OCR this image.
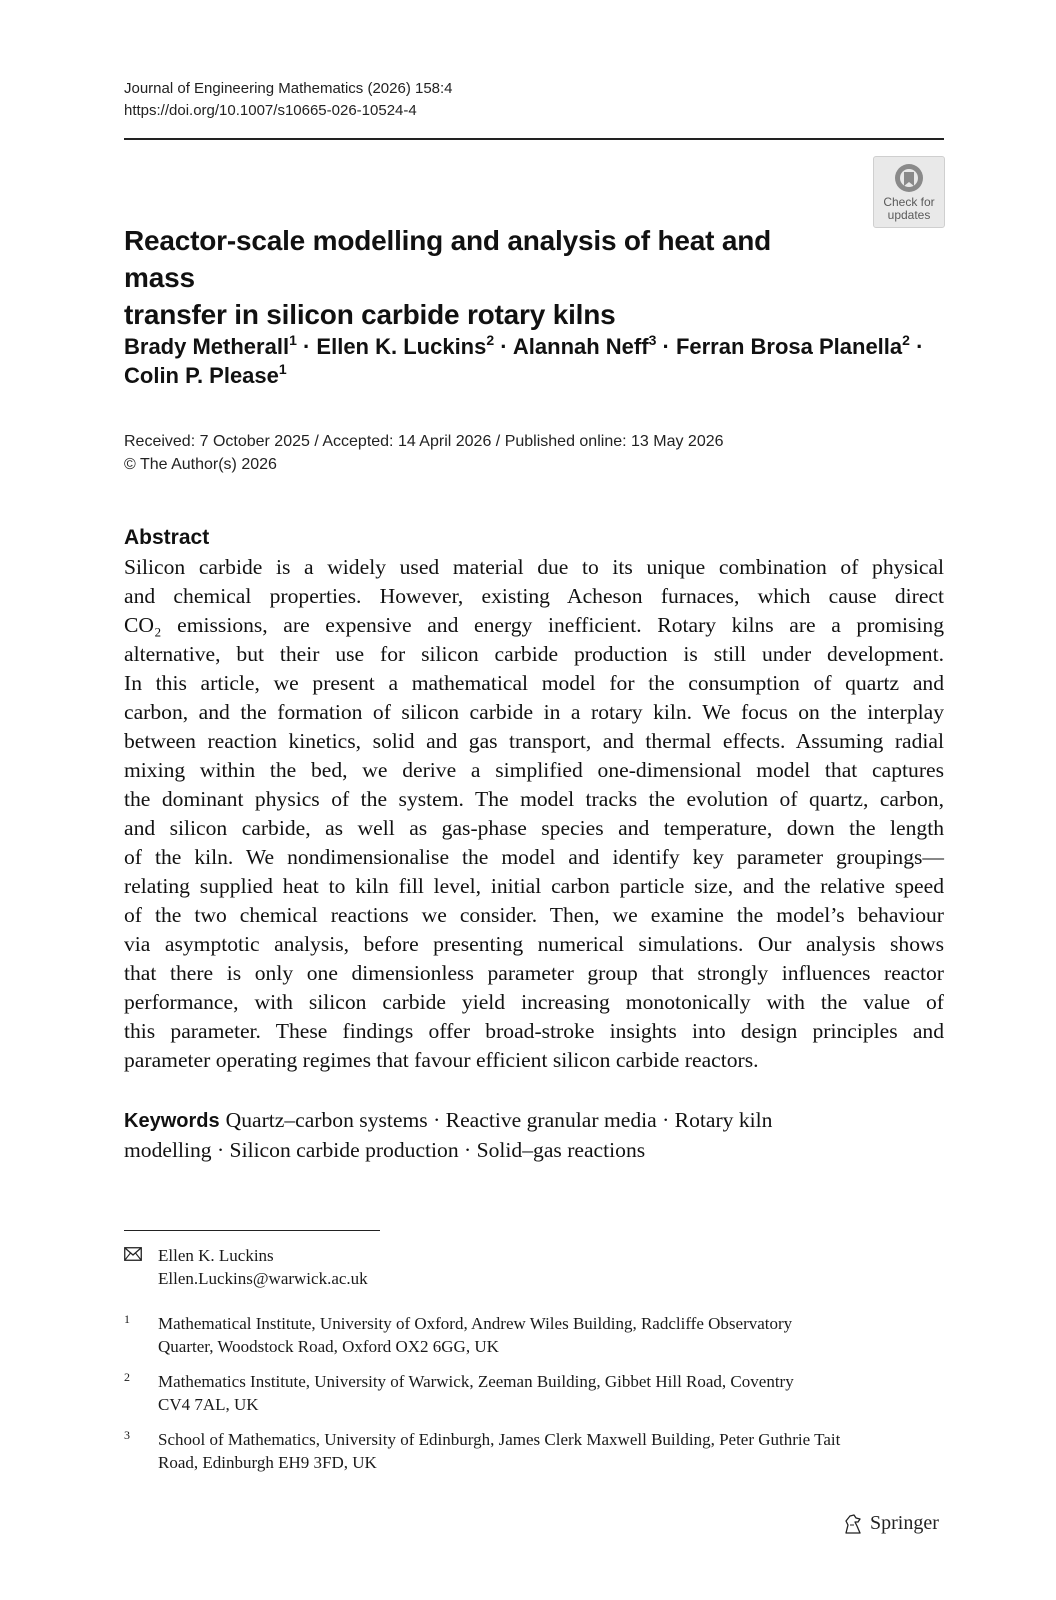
Journal of Engineering Mathematics (2026) 158:4
https://doi.org/10.1007/s10665-026-10524-4
Check for
updates
Reactor-scale modelling and analysis of heat and mass
transfer in silicon carbide rotary kilns
Brady Metherall$^1$ · Ellen K. Luckins$^2$ · Alannah Neff$^3$ · Ferran Brosa Planella$^2$ ·
Colin P. Please$^1$
Received: 7 October 2025 / Accepted: 14 April 2026 / Published online: 13 May 2026
© The Author(s) 2026
Abstract
Silicon carbide is a widely used material due to its unique combination of physical
and chemical properties. However, existing Acheson furnaces, which cause direct
CO₂ emissions, are expensive and energy inefficient. Rotary kilns are a promising
alternative, but their use for silicon carbide production is still under development.
In this article, we present a mathematical model for the consumption of quartz and
carbon, and the formation of silicon carbide in a rotary kiln. We focus on the interplay
between reaction kinetics, solid and gas transport, and thermal effects. Assuming radial
mixing within the bed, we derive a simplified one-dimensional model that captures
the dominant physics of the system. The model tracks the evolution of quartz, carbon,
and silicon carbide, as well as gas-phase species and temperature, down the length
of the kiln. We nondimensionalise the model and identify key parameter groupings—
relating supplied heat to kiln fill level, initial carbon particle size, and the relative speed
of the two chemical reactions we consider. Then, we examine the model’s behaviour
via asymptotic analysis, before presenting numerical simulations. Our analysis shows
that there is only one dimensionless parameter group that strongly influences reactor
performance, with silicon carbide yield increasing monotonically with the value of
this parameter. These findings offer broad-stroke insights into design principles and
parameter operating regimes that favour efficient silicon carbide reactors.
Keywords Quartz–carbon systems · Reactive granular media · Rotary kiln
modelling · Silicon carbide production · Solid–gas reactions
Ellen K. Luckins
Ellen.Luckins@warwick.ac.uk
1 Mathematical Institute, University of Oxford, Andrew Wiles Building, Radcliffe Observatory
Quarter, Woodstock Road, Oxford OX2 6GG, UK
2 Mathematics Institute, University of Warwick, Zeeman Building, Gibbet Hill Road, Coventry
CV4 7AL, UK
3 School of Mathematics, University of Edinburgh, James Clerk Maxwell Building, Peter Guthrie Tait
Road, Edinburgh EH9 3FD, UK
Springer
